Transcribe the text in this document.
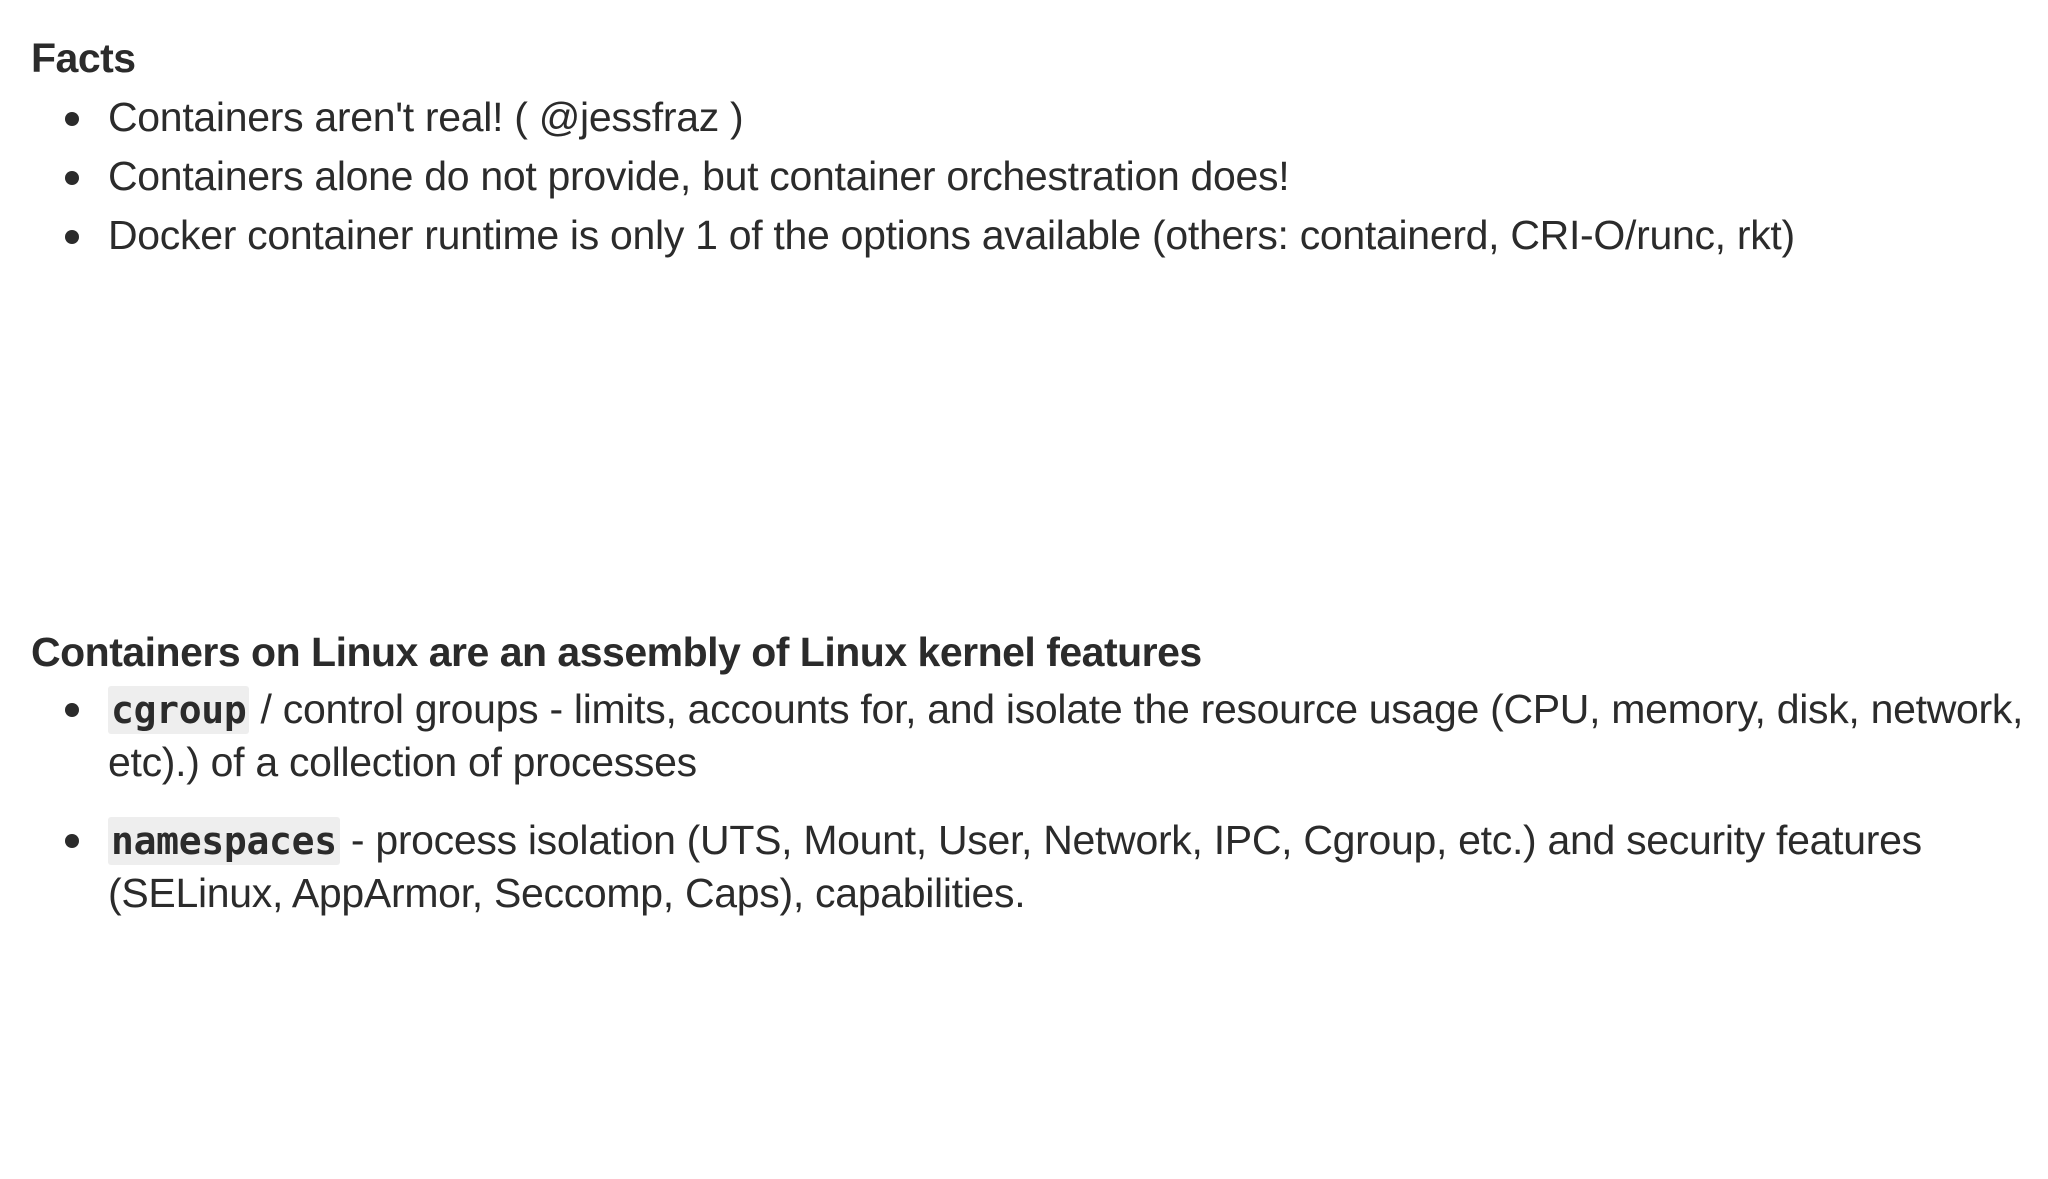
Facts
Containers aren't real! ( @jessfraz )
Containers alone do not provide, but container orchestration does!
Docker container runtime is only 1 of the options available (others: containerd, CRI-O/runc, rkt)
Containers on Linux are an assembly of Linux kernel features
cgroup / control groups - limits, accounts for, and isolate the resource usage (CPU, memory, disk, network, etc).) of a collection of processes
namespaces - process isolation (UTS, Mount, User, Network, IPC, Cgroup, etc.) and security features (SELinux, AppArmor, Seccomp, Caps), capabilities.
